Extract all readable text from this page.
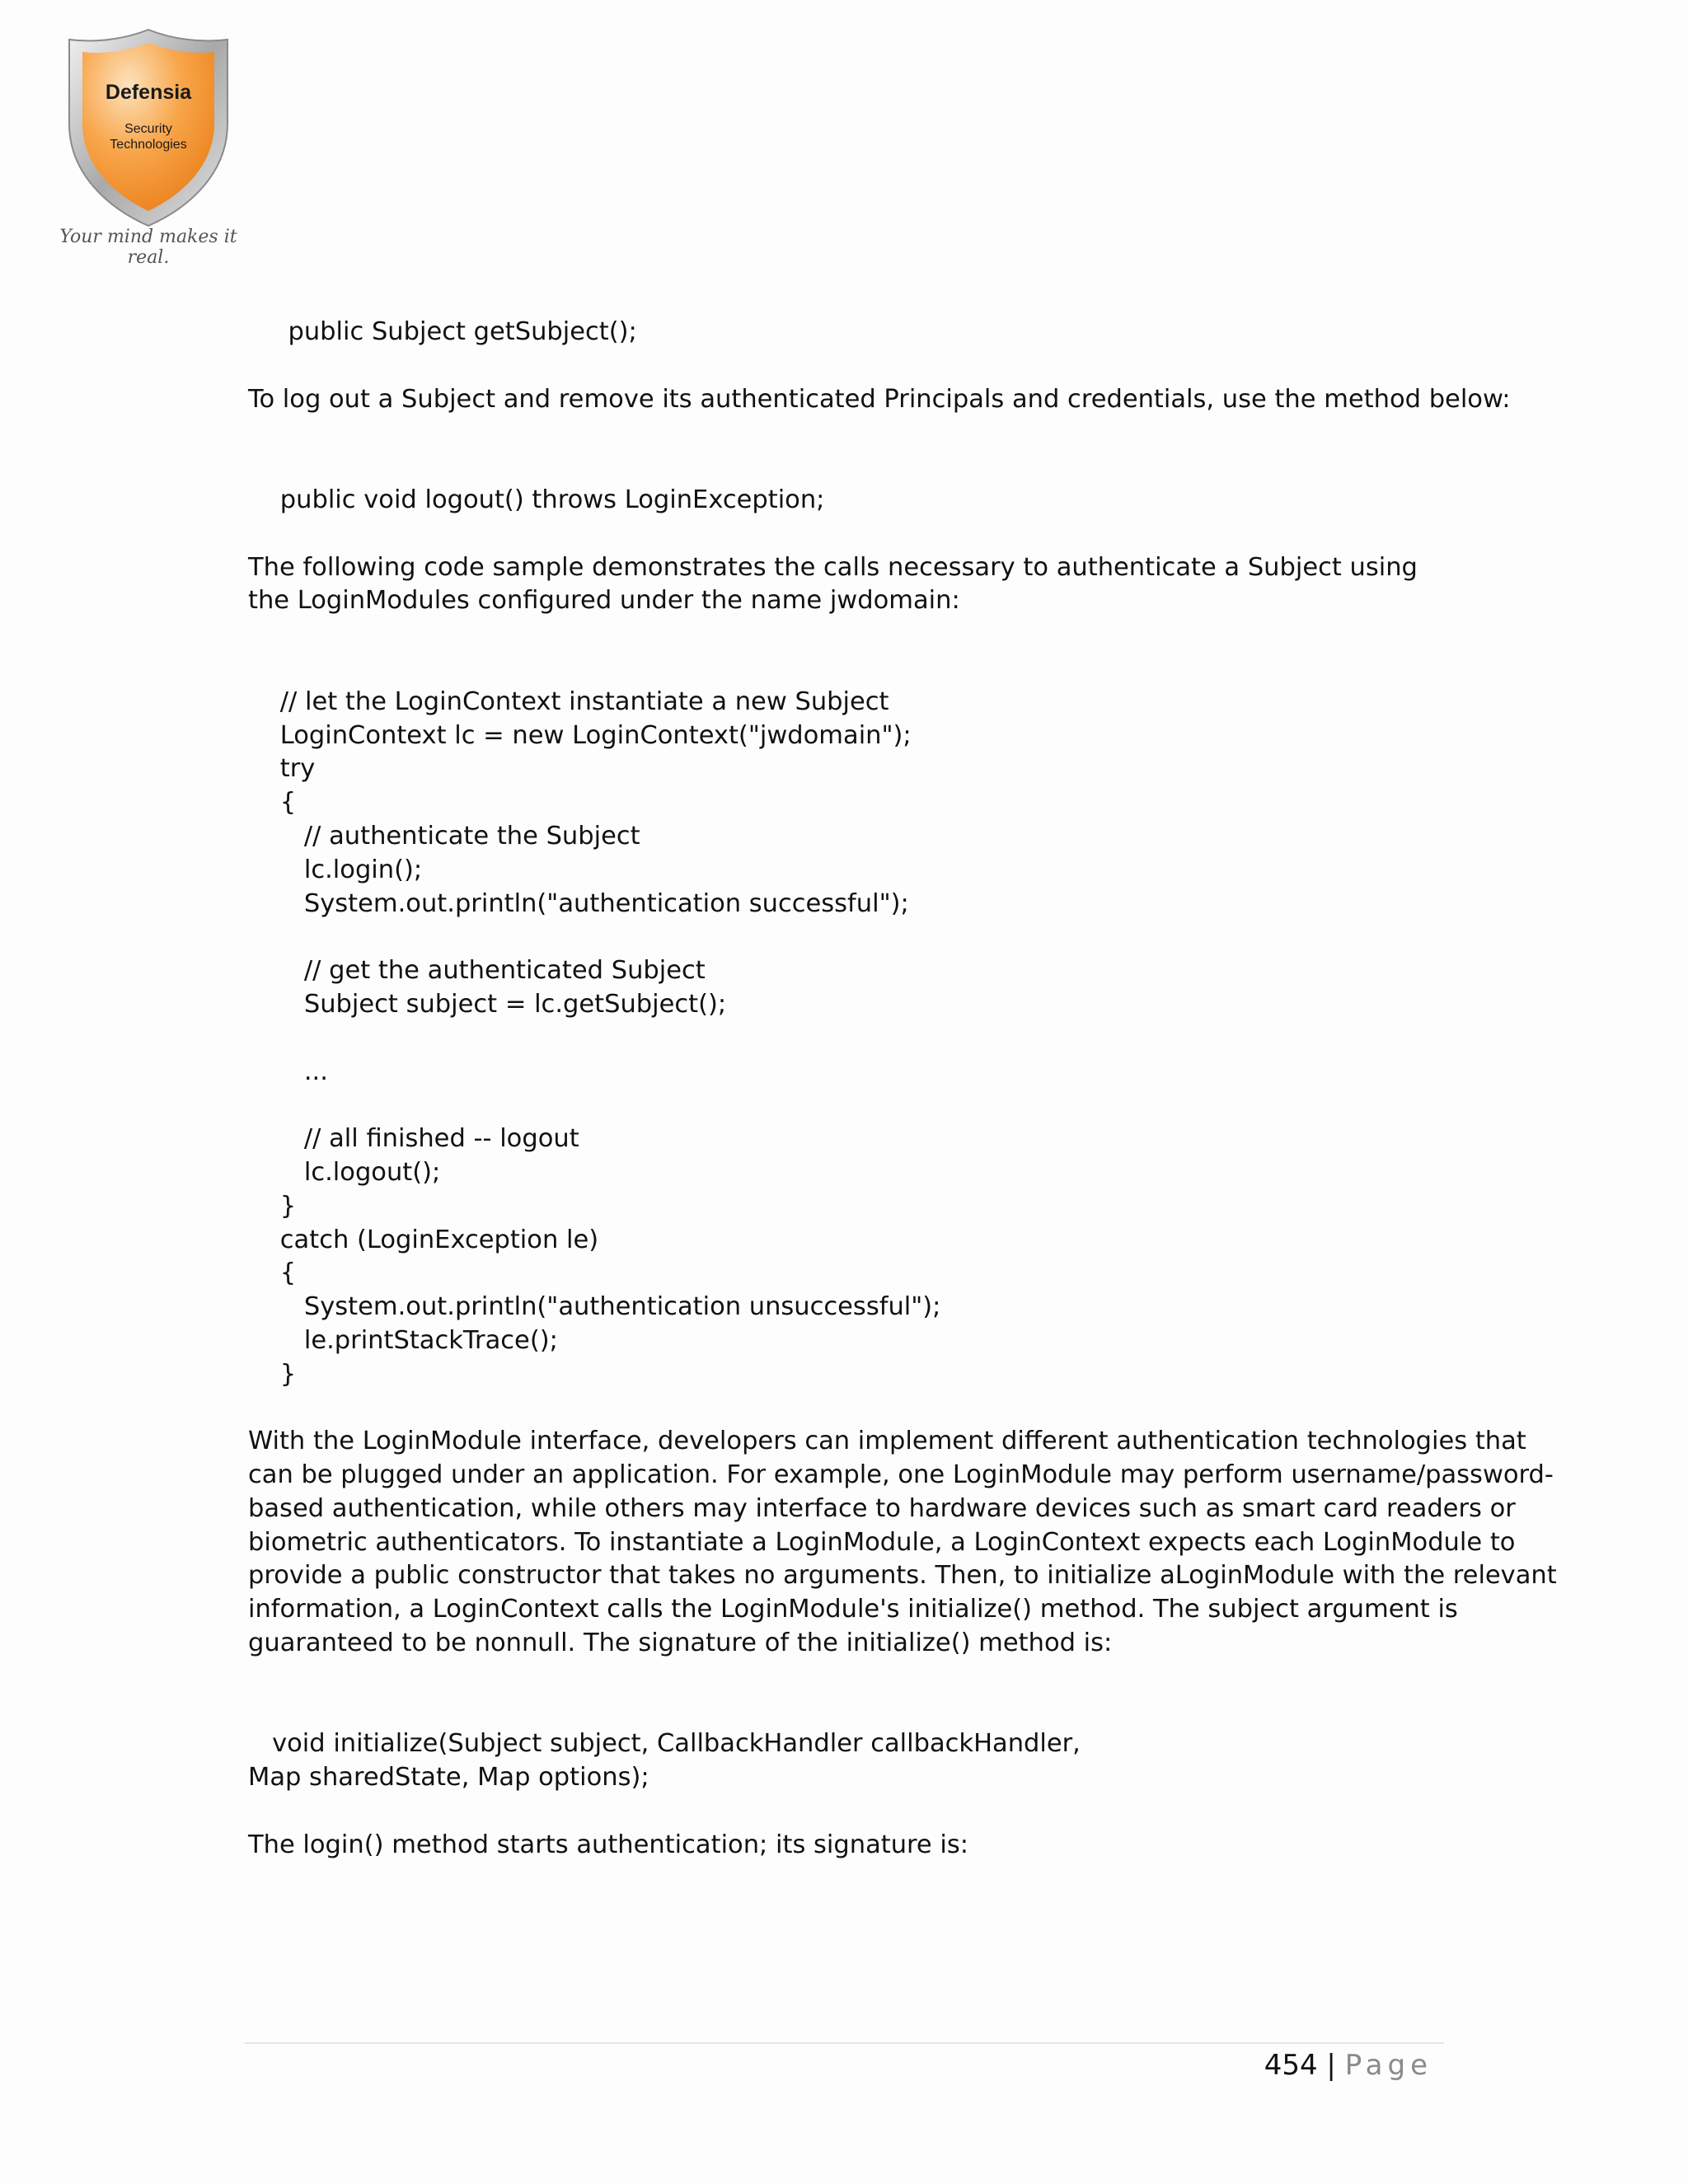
Defensia
Security
Technologies
Your mind makes it real.
public Subject getSubject();
To log out a Subject and remove its authenticated Principals and credentials, use the method below:
public void logout() throws LoginException;
The following code sample demonstrates the calls necessary to authenticate a Subject using
the LoginModules configured under the name jwdomain:
// let the LoginContext instantiate a new Subject
LoginContext lc = new LoginContext("jwdomain");
try
{
// authenticate the Subject
lc.login();
System.out.println("authentication successful");
// get the authenticated Subject
Subject subject = lc.getSubject();
...
// all finished -- logout
lc.logout();
}
catch (LoginException le)
{
System.out.println("authentication unsuccessful");
le.printStackTrace();
}
With the LoginModule interface, developers can implement different authentication technologies that
can be plugged under an application. For example, one LoginModule may perform username/password-
based authentication, while others may interface to hardware devices such as smart card readers or
biometric authenticators. To instantiate a LoginModule, a LoginContext expects each LoginModule to
provide a public constructor that takes no arguments. Then, to initialize aLoginModule with the relevant
information, a LoginContext calls the LoginModule's initialize() method. The subject argument is
guaranteed to be nonnull. The signature of the initialize() method is:
void initialize(Subject subject, CallbackHandler callbackHandler,
Map sharedState, Map options);
The login() method starts authentication; its signature is:
454 | Page
